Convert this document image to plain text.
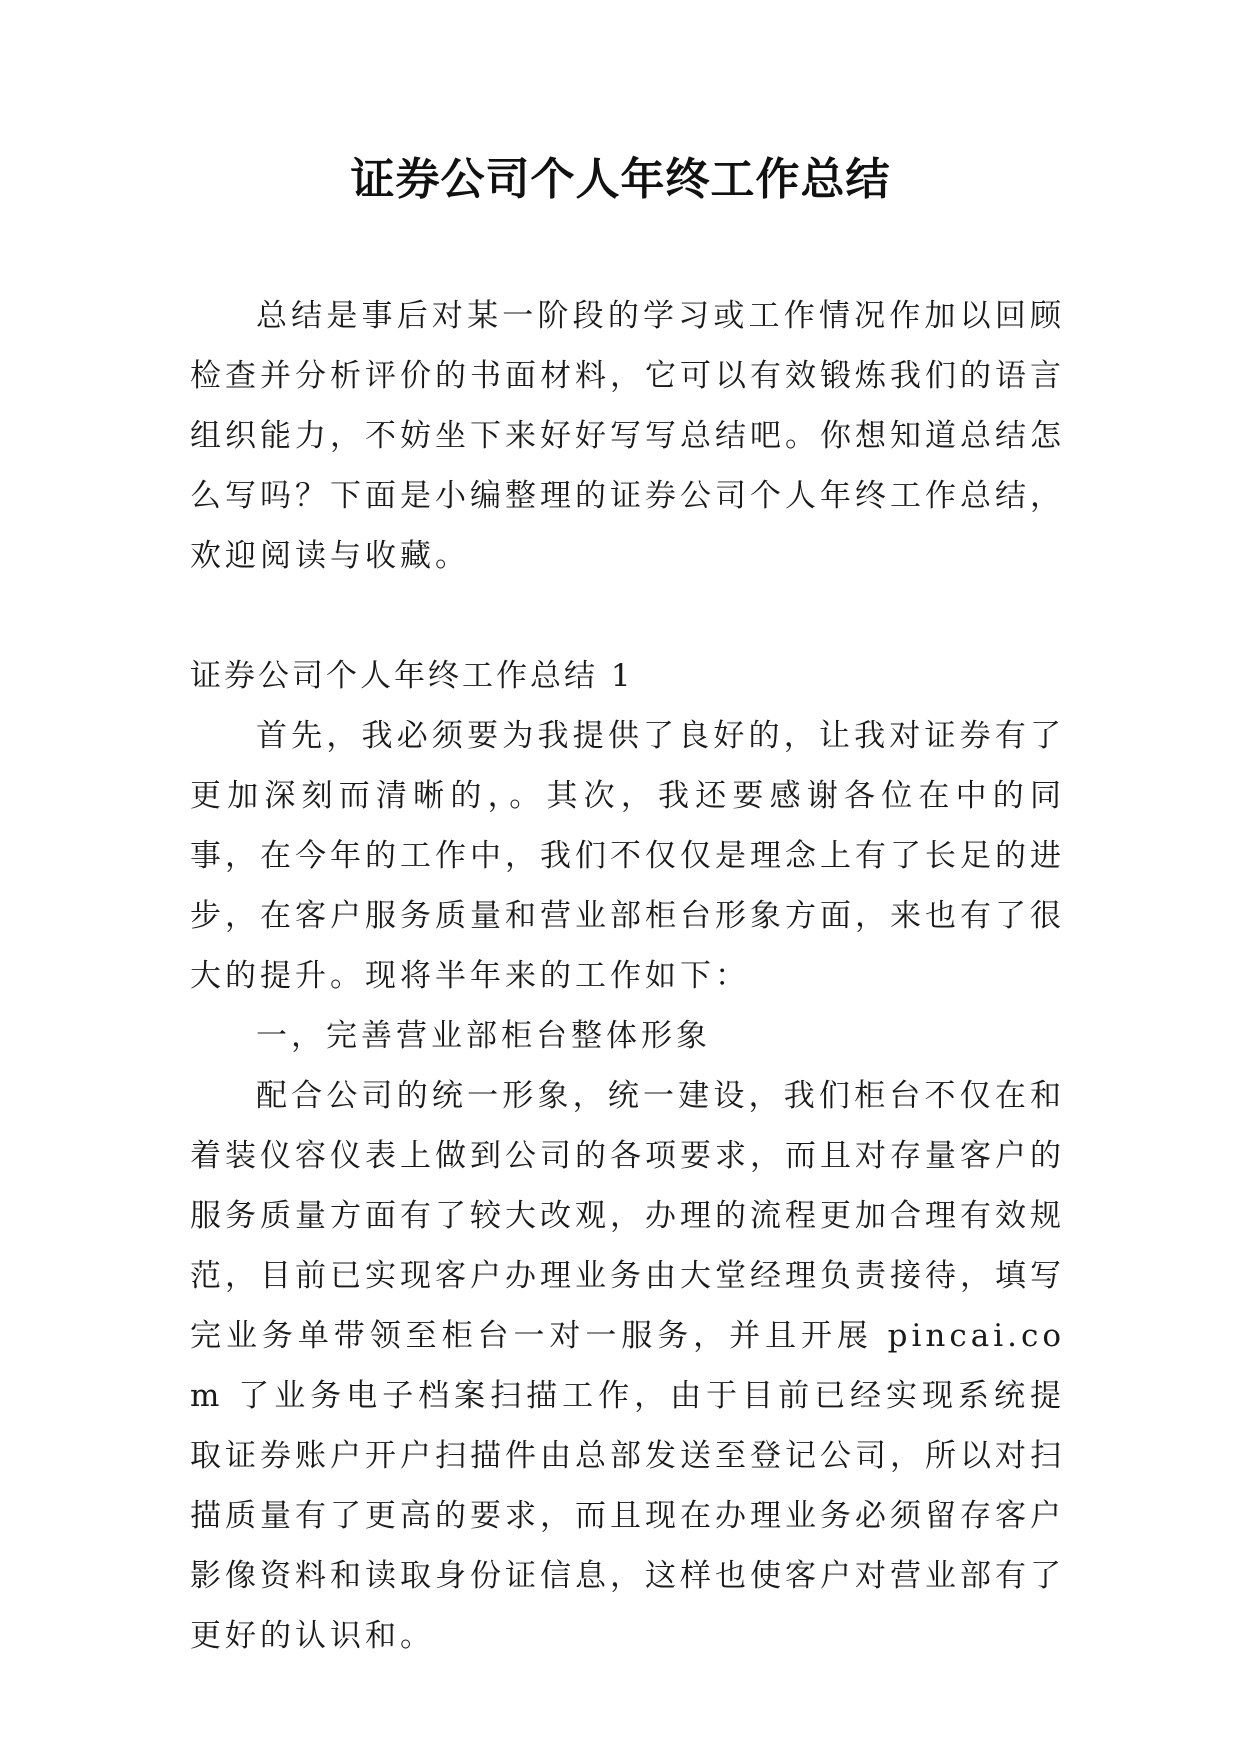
证券公司个人年终工作总结

总结是事后对某一阶段的学习或工作情况作加以回顾检查并分析评价的书面材料，它可以有效锻炼我们的语言组织能力，不妨坐下来好好写写总结吧。你想知道总结怎么写吗？下面是小编整理的证券公司个人年终工作总结，欢迎阅读与收藏。

证券公司个人年终工作总结 1

首先，我必须要为我提供了良好的，让我对证券有了更加深刻而清晰的，。其次，我还要感谢各位在中的同事，在今年的工作中，我们不仅仅是理念上有了长足的进步，在客户服务质量和营业部柜台形象方面，来也有了很大的提升。现将半年来的工作如下：

一，完善营业部柜台整体形象

配合公司的统一形象，统一建设，我们柜台不仅在和着装仪容仪表上做到公司的各项要求，而且对存量客户的服务质量方面有了较大改观，办理的流程更加合理有效规范，目前已实现客户办理业务由大堂经理负责接待，填写完业务单带领至柜台一对一服务，并且开展 pincai.com 了业务电子档案扫描工作，由于目前已经实现系统提取证券账户开户扫描件由总部发送至登记公司，所以对扫描质量有了更高的要求，而且现在办理业务必须留存客户影像资料和读取身份证信息，这样也使客户对营业部有了更好的认识和。
